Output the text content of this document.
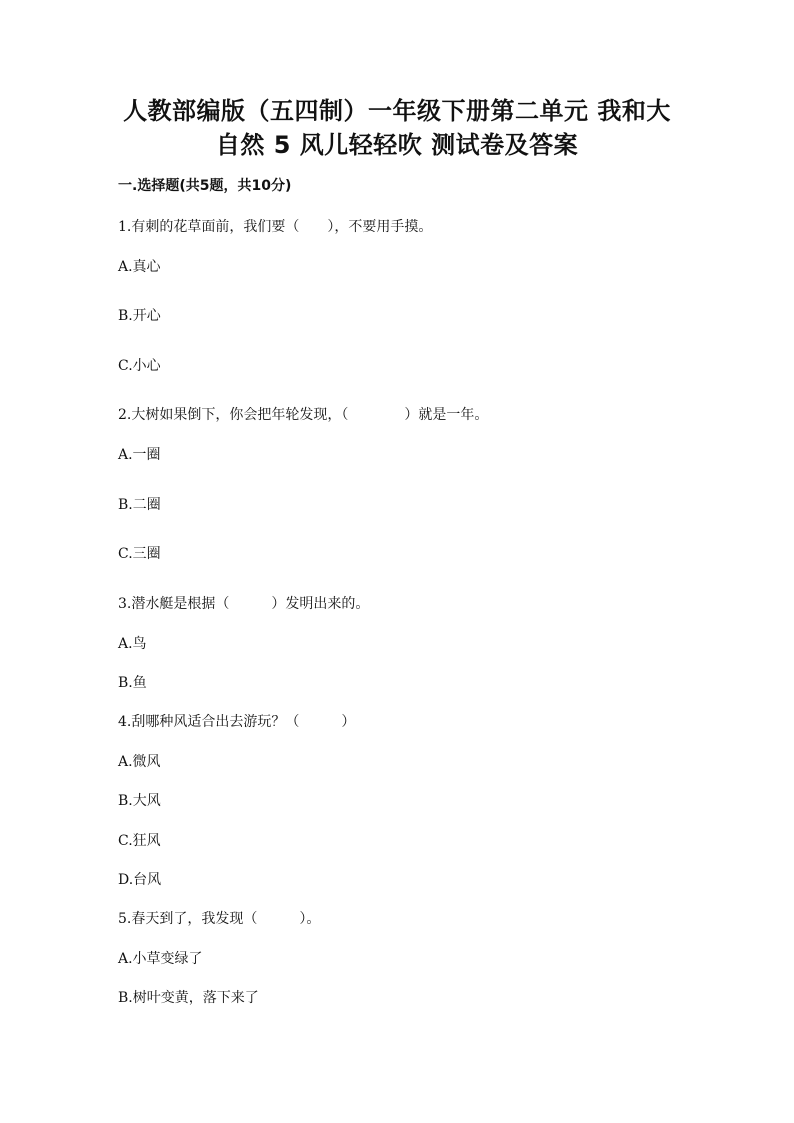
人教部编版（五四制）一年级下册第二单元 我和大
自然 5 风儿轻轻吹 测试卷及答案
一.选择题(共5题，共10分)
1.有刺的花草面前，我们要（　　），不要用手摸。
A.真心
B.开心
C.小心
2.大树如果倒下，你会把年轮发现，（　　　　）就是一年。
A.一圈
B.二圈
C.三圈
3.潜水艇是根据（　　　）发明出来的。
A.鸟
B.鱼
4.刮哪种风适合出去游玩？（　　　）
A.微风
B.大风
C.狂风
D.台风
5.春天到了，我发现（　　　）。
A.小草变绿了
B.树叶变黄，落下来了
